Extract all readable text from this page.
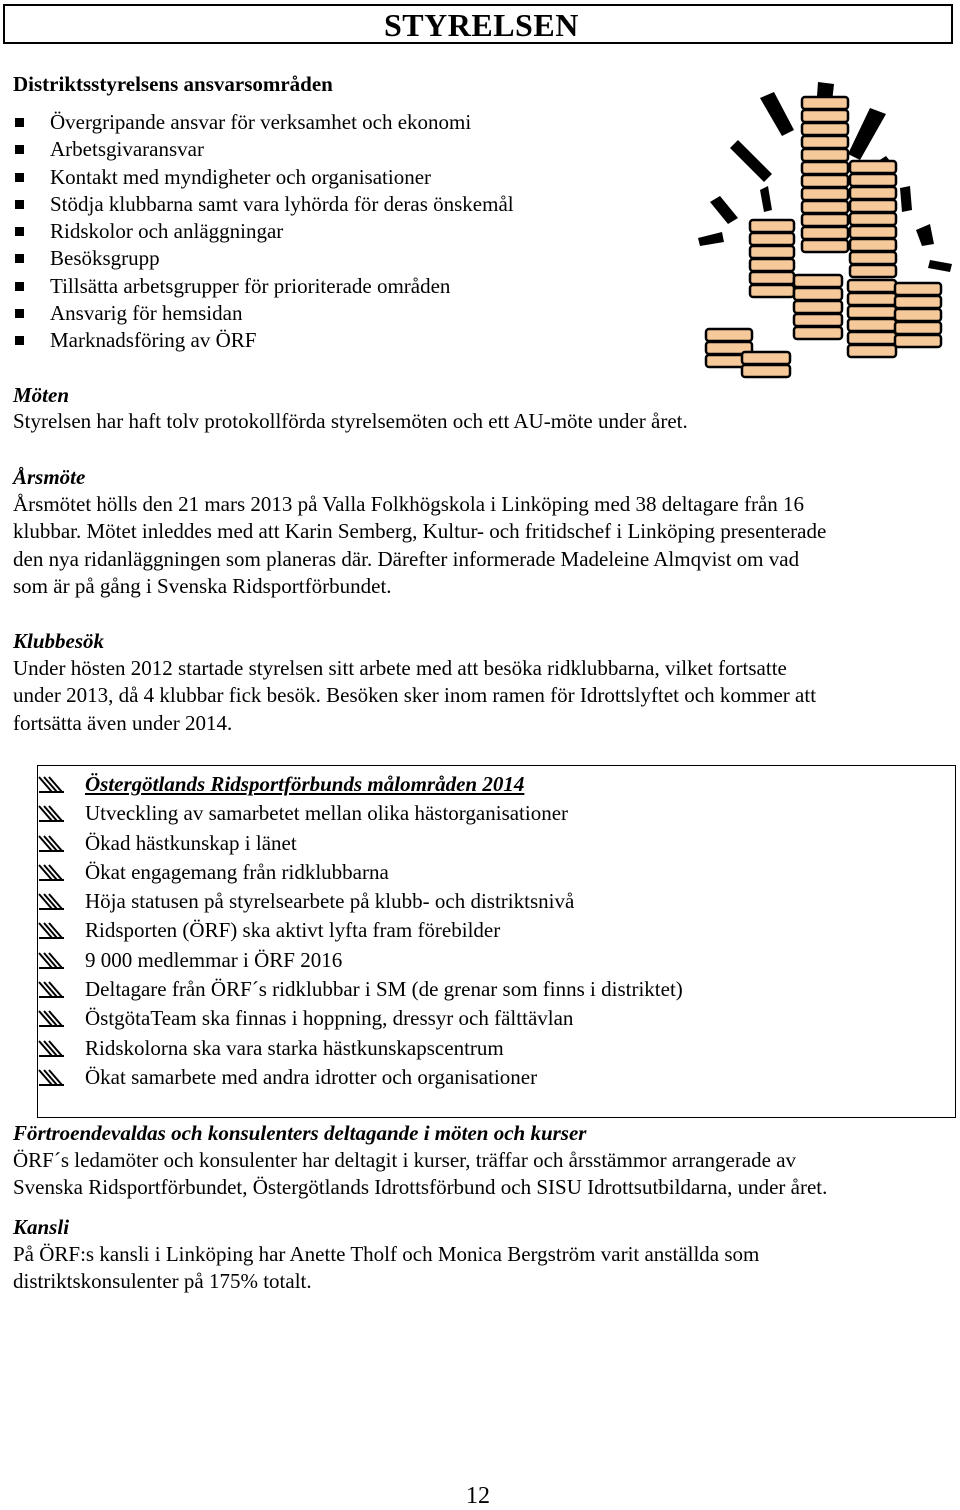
STYRELSEN
Distriktsstyrelsens ansvarsområden
Övergripande ansvar för verksamhet och ekonomi
Arbetsgivaransvar
Kontakt med myndigheter och organisationer
Stödja klubbarna samt vara lyhörda för deras önskemål
Ridskolor och anläggningar
Besöksgrupp
Tillsätta arbetsgrupper för prioriterade områden
Ansvarig för hemsidan
Marknadsföring av ÖRF
Möten
Styrelsen har haft tolv protokollförda styrelsemöten och ett AU-möte under året.
Årsmöte
Årsmötet hölls den 21 mars 2013 på Valla Folkhögskola i Linköping med 38 deltagare från 16
klubbar. Mötet inleddes med att Karin Semberg, Kultur- och fritidschef i Linköping presenterade
den nya ridanläggningen som planeras där. Därefter informerade Madeleine Almqvist om vad
som är på gång i Svenska Ridsportförbundet.
Klubbesök
Under hösten 2012 startade styrelsen sitt arbete med att besöka ridklubbarna, vilket fortsatte
under 2013, då 4 klubbar fick besök. Besöken sker inom ramen för Idrottslyftet och kommer att
fortsätta även under 2014.
Östergötlands Ridsportförbunds målområden 2014
Utveckling av samarbetet mellan olika hästorganisationer
Ökad hästkunskap i länet
Ökat engagemang från ridklubbarna
Höja statusen på styrelsearbete på klubb- och distriktsnivå
Ridsporten (ÖRF) ska aktivt lyfta fram förebilder
9 000 medlemmar i ÖRF 2016
Deltagare från ÖRF´s ridklubbar i SM (de grenar som finns i distriktet)
ÖstgötaTeam ska finnas i hoppning, dressyr och fälttävlan
Ridskolorna ska vara starka hästkunskapscentrum
Ökat samarbete med andra idrotter och organisationer
Förtroendevaldas och konsulenters deltagande i möten och kurser
ÖRF´s ledamöter och konsulenter har deltagit i kurser, träffar och årsstämmor arrangerade av
Svenska Ridsportförbundet, Östergötlands Idrottsförbund och SISU Idrottsutbildarna, under året.
Kansli
På ÖRF:s kansli i Linköping har Anette Tholf och Monica Bergström varit anställda som
distriktskonsulenter på 175% totalt.
12
